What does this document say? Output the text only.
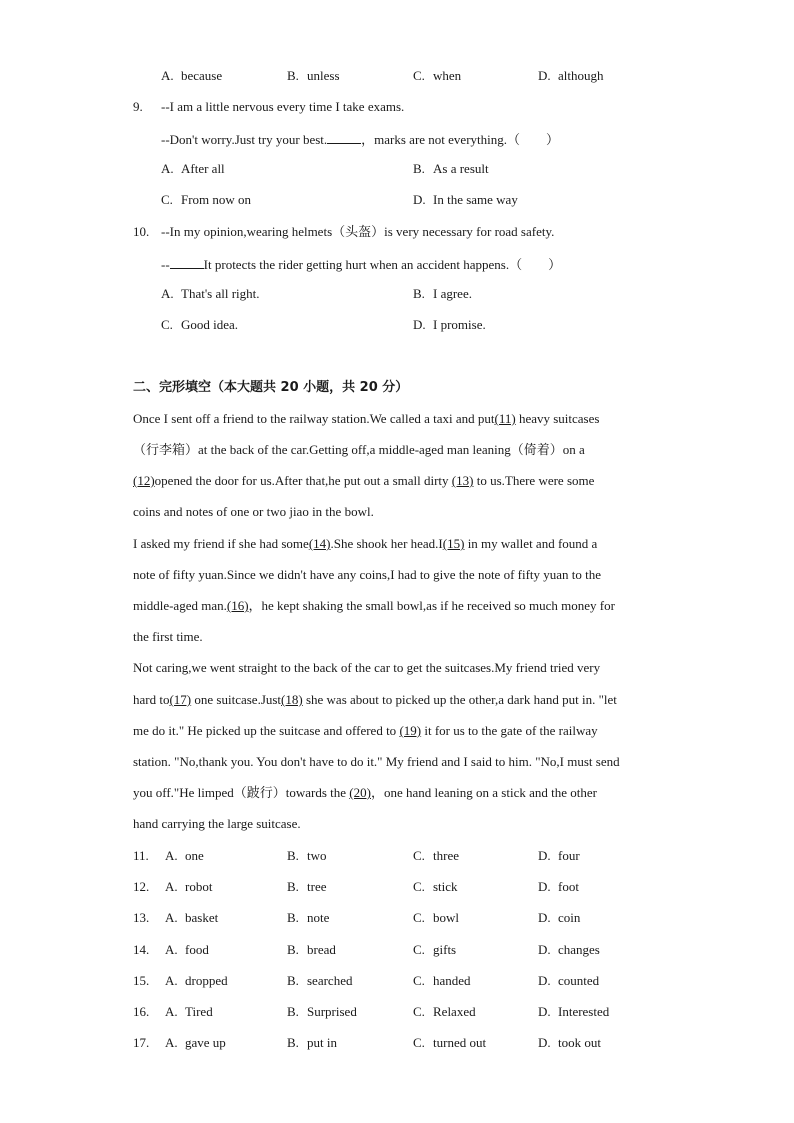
A. because	B. unless	C. when	D. although
9. --I am a little nervous every time I take exams.
--Don't worry.Just try your best.	，marks are not everything.（　　）
A. After all	B. As a result
C. From now on	D. In the same way
10. --In my opinion,wearing helmets（头盔）is very necessary for road safety.
--	It protects the rider getting hurt when an accident happens.（　　）
A. That's all right.	B. I agree.
C. Good idea.	D. I promise.
二、完形填空（本大题共 20 小题，共 20 分）
Once I sent off a friend to the railway station.We called a taxi and put(11) heavy suitcases
（行李箱）at the back of the car.Getting off,a middle-aged man leaning（倚着）on a
(12)opened the door for us.After that,he put out a small dirty (13) to us.There were some
coins and notes of one or two jiao in the bowl.
I asked my friend if she had some(14).She shook her head.I(15) in my wallet and found a
note of fifty yuan.Since we didn't have any coins,I had to give the note of fifty yuan to the
middle-aged man.(16)，he kept shaking the small bowl,as if he received so much money for
the first time.
Not caring,we went straight to the back of the car to get the suitcases.My friend tried very
hard to(17) one suitcase.Just(18) she was about to picked up the other,a dark hand put in. "let
me do it." He picked up the suitcase and offered to (19) it for us to the gate of the railway
station. "No,thank you. You don't have to do it." My friend and I said to him. "No,I must send
you off."He limped（跛行）towards the (20)，one hand leaning on a stick and the other
hand carrying the large suitcase.
11. A. one	B. two	C. three	D. four
12. A. robot	B. tree	C. stick	D. foot
13. A. basket	B. note	C. bowl	D. coin
14. A. food	B. bread	C. gifts	D. changes
15. A. dropped	B. searched	C. handed	D. counted
16. A. Tired	B. Surprised	C. Relaxed	D. Interested
17. A. gave up	B. put in	C. turned out	D. took out
